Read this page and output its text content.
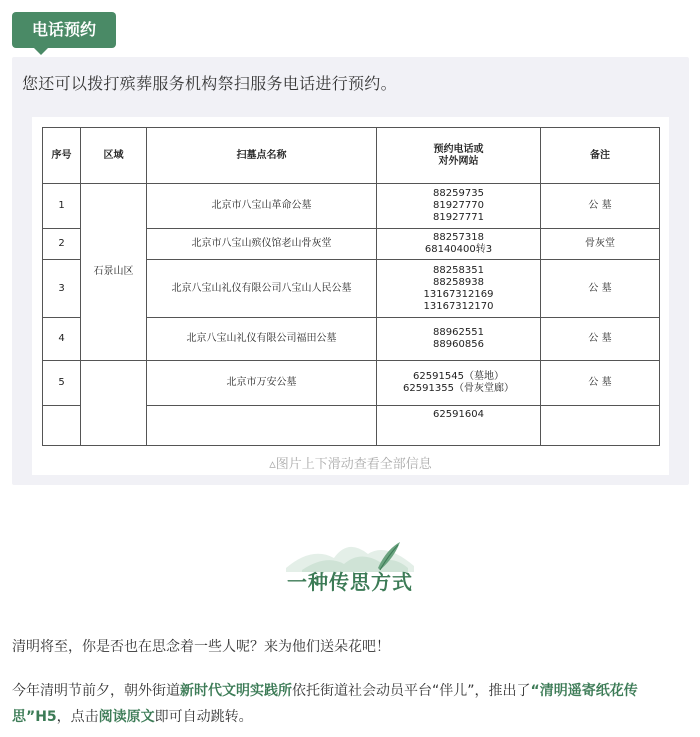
电话预约
您还可以拨打殡葬服务机构祭扫服务电话进行预约。
序号	区域	扫墓点名称	预约电话或
对外网站	备注
1	石景山区	北京市八宝山革命公墓	88259735
81927770
81927771	公 墓
2		北京市八宝山殡仪馆老山骨灰堂	88257318
68140400转3	骨灰堂
3		北京八宝山礼仪有限公司八宝山人民公墓	88258351
88258938
13167312169
13167312170	公 墓
4		北京八宝山礼仪有限公司福田公墓	88962551
88960856	公 墓
5		北京市万安公墓	62591545（墓地）
62591355（骨灰堂廊）	公 墓

			62591604	

▵图片上下滑动查看全部信息
一种传思方式

清明将至，你是否也在思念着一些人呢？来为他们送朵花吧！

今年清明节前夕，朝外街道新时代文明实践所依托街道社会动员平台“伴儿”，推出了“清明遥寄纸花传思”H5，点击阅读原文即可自动跳转。
